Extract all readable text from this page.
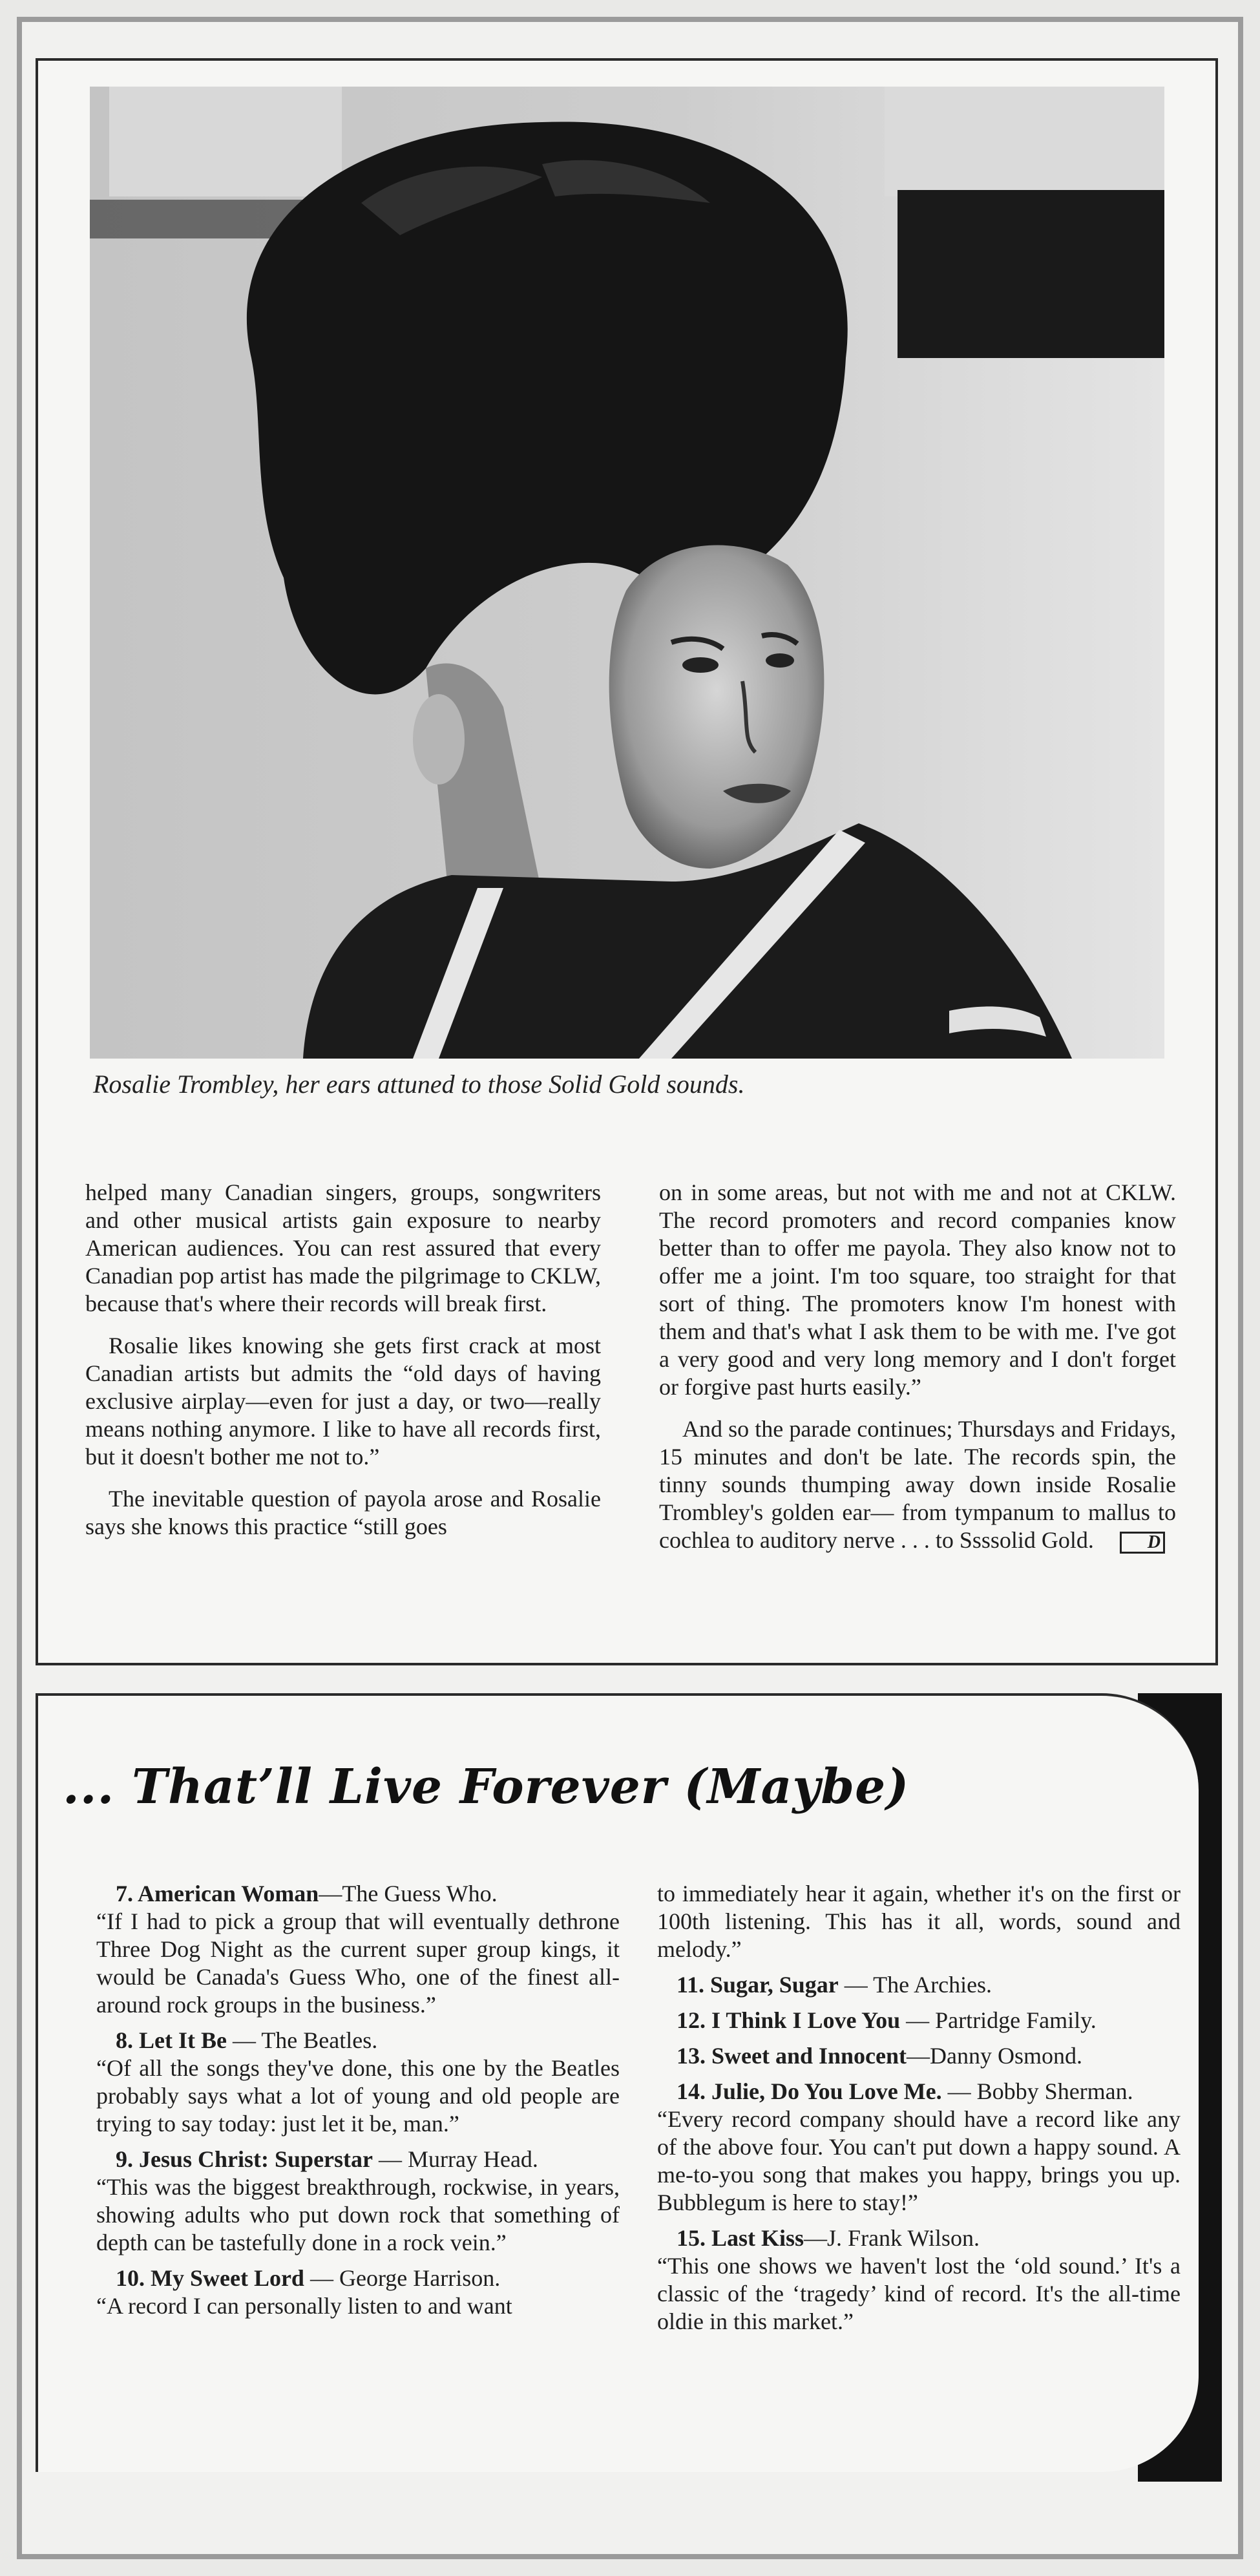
Rosalie Trombley, her ears attuned to those Solid Gold sounds.

helped many Canadian singers, groups, songwriters and other musical artists gain exposure to nearby American audiences. You can rest assured that every Canadian pop artist has made the pilgrimage to CKLW, because that's where their records will break first.

Rosalie likes knowing she gets first crack at most Canadian artists but admits the “old days of having exclusive airplay—even for just a day, or two—really means nothing anymore. I like to have all records first, but it doesn't bother me not to.”

The inevitable question of payola arose and Rosalie says she knows this practice “still goes

on in some areas, but not with me and not at CKLW. The record promoters and record companies know better than to offer me payola. They also know not to offer me a joint. I'm too square, too straight for that sort of thing. The promoters know I'm honest with them and that's what I ask them to be with me. I've got a very good and very long memory and I don't forget or forgive past hurts easily.”

And so the parade continues; Thursdays and Fridays, 15 minutes and don't be late. The records spin, the tinny sounds thumping away down inside Rosalie Trombley's golden ear— from tympanum to mallus to cochlea to auditory nerve . . . to Ssssolid Gold.	D

... That’ll Live Forever (Maybe)
7. American Woman—The Guess Who.
“If I had to pick a group that will eventually dethrone Three Dog Night as the current super group kings, it would be Canada's Guess Who, one of the finest all-around rock groups in the business.”
8. Let It Be — The Beatles.
“Of all the songs they've done, this one by the Beatles probably says what a lot of young and old people are trying to say today: just let it be, man.”
9. Jesus Christ: Superstar — Murray Head.
“This was the biggest breakthrough, rockwise, in years, showing adults who put down rock that something of depth can be tastefully done in a rock vein.”
10. My Sweet Lord — George Harrison.
“A record I can personally listen to and want
to immediately hear it again, whether it's on the first or 100th listening. This has it all, words, sound and melody.”
11. Sugar, Sugar — The Archies.
12. I Think I Love You — Partridge Family.
13. Sweet and Innocent—Danny Osmond.
14. Julie, Do You Love Me. — Bobby Sherman.
“Every record company should have a record like any of the above four. You can't put down a happy sound. A me-to-you song that makes you happy, brings you up. Bubblegum is here to stay!”
15. Last Kiss—J. Frank Wilson.
“This one shows we haven't lost the ‘old sound.’ It's a classic of the ‘tragedy’ kind of record. It's the all-time oldie in this market.”
